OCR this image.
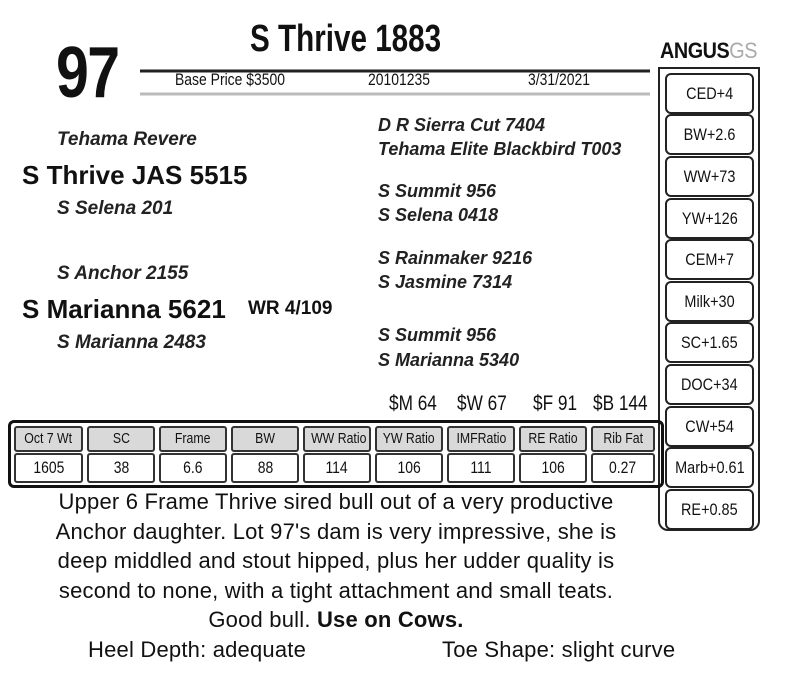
97	S Thrive 1883
Base Price $3500	20101235	3/31/2021
ANGUSGS
CED+4
BW+2.6
WW+73
YW+126
CEM+7
Milk+30
SC+1.65
DOC+34
CW+54
Marb+0.61
RE+0.85
Tehama Revere
S Thrive JAS 5515
S Selena 201
S Anchor 2155
S Marianna 5621 WR 4/109
S Marianna 2483
D R Sierra Cut 7404
Tehama Elite Blackbird T003
S Summit 956
S Selena 0418
S Rainmaker 9216
S Jasmine 7314
S Summit 956
S Marianna 5340
$M 64 $W 67 $F 91 $B 144
Oct 7 Wt	SC	Frame	BW	WW Ratio	YW Ratio	IMFRatio	RE Ratio	Rib Fat
1605	38	6.6	88	114	106	111	106	0.27
Upper 6 Frame Thrive sired bull out of a very productive
Anchor daughter. Lot 97's dam is very impressive, she is
deep middled and stout hipped, plus her udder quality is
second to none, with a tight attachment and small teats.
Good bull. Use on Cows.
Heel Depth: adequate	Toe Shape: slight curve
